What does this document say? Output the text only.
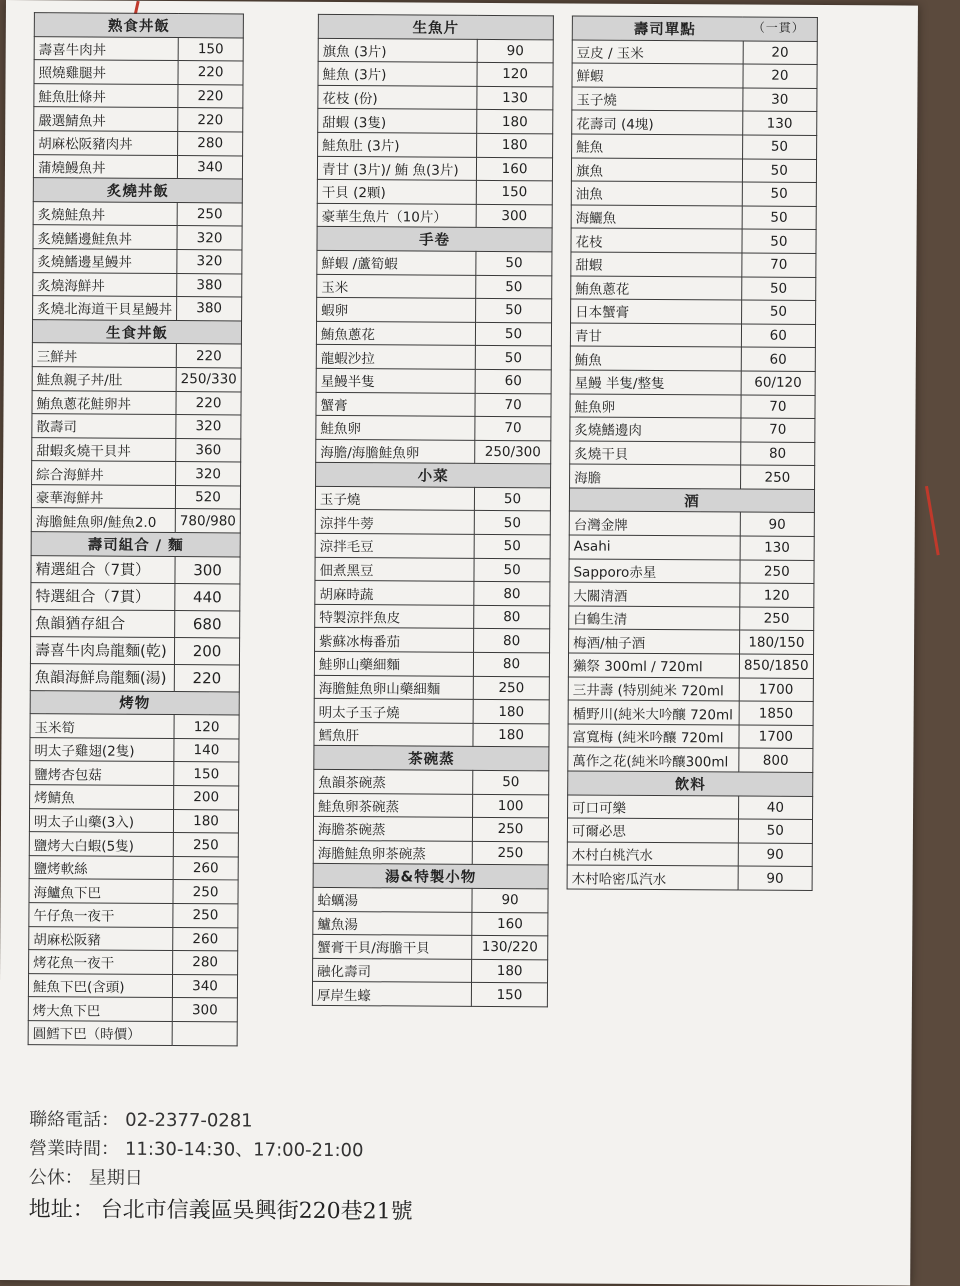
熟食丼飯	
壽喜牛肉丼	150
照燒雞腿丼	220
鮭魚肚條丼	220
嚴選鯖魚丼	220
胡麻松阪豬肉丼	280
蒲燒鰻魚丼	340
炙燒丼飯	
炙燒鮭魚丼	250
炙燒鰭邊鮭魚丼	320
炙燒鰭邊星鰻丼	320
炙燒海鮮丼	380
炙燒北海道干貝星鰻丼	380
生食丼飯	
三鮮丼	220
鮭魚親子丼/肚	250/330
鮪魚蔥花鮭卵丼	220
散壽司	320
甜蝦炙燒干貝丼	360
綜合海鮮丼	320
豪華海鮮丼	520
海膽鮭魚卵/鮭魚2.0	780/980
壽司組合 / 麵	
精選組合（7貫）	300
特選組合（7貫）	440
魚韻猶存組合	680
壽喜牛肉烏龍麵(乾)	200
魚韻海鮮烏龍麵(湯)	220
烤物	
玉米筍	120
明太子雞翅(2隻)	140
鹽烤杏包菇	150
烤鯖魚	200
明太子山藥(3入)	180
鹽烤大白蝦(5隻)	250
鹽烤軟絲	260
海鱸魚下巴	250
午仔魚一夜干	250
胡麻松阪豬	260
烤花魚一夜干	280
鮭魚下巴(含頭)	340
烤大魚下巴	300
圓鱈下巴（時價）	
生魚片	
旗魚 (3片)	90
鮭魚 (3片)	120
花枝 (份)	130
甜蝦 (3隻)	180
鮭魚肚 (3片)	180
青甘 (3片)/ 鮪 魚(3片)	160
干貝 (2顆)	150
豪華生魚片（10片）	300
手卷	
鮮蝦 /蘆筍蝦	50
玉米	50
蝦卵	50
鮪魚蔥花	50
龍蝦沙拉	50
星鰻半隻	60
蟹膏	70
鮭魚卵	70
海膽/海膽鮭魚卵	250/300
小菜	
玉子燒	50
涼拌牛蒡	50
涼拌毛豆	50
佃煮黑豆	50
胡麻時蔬	80
特製涼拌魚皮	80
紫蘇冰梅番茄	80
鮭卵山藥細麵	80
海膽鮭魚卵山藥細麵	250
明太子玉子燒	180
鱈魚肝	180
茶碗蒸	
魚韻茶碗蒸	50
鮭魚卵茶碗蒸	100
海膽茶碗蒸	250
海膽鮭魚卵茶碗蒸	250
湯&特製小物	
蛤蠣湯	90
鱸魚湯	160
蟹膏干貝/海膽干貝	130/220
融化壽司	180
厚岸生蠔	150
壽司單點 （一貫）	

豆皮 / 玉米	20
鮮蝦	20
玉子燒	30
花壽司 (4塊)	130
鮭魚	50
旗魚	50
油魚	50
海鱺魚	50
花枝	50
甜蝦	70
鮪魚蔥花	50
日本蟹膏	50
青甘	60
鮪魚	60
星鰻 半隻/整隻	60/120
鮭魚卵	70
炙燒鰭邊肉	70
炙燒干貝	80
海膽	250
酒	
台灣金牌	90
Asahi	130
Sapporo赤星	250
大關清酒	120
白鶴生清	250
梅酒/柚子酒	180/150
獺祭 300ml / 720ml	850/1850
三井壽 (特別純米 720ml	1700
楯野川(純米大吟釀 720ml	1850
富寬梅 (純米吟釀 720ml	1700
萬作之花(純米吟釀300ml	800
飲料	
可口可樂	40
可爾必思	50
木村白桃汽水	90
木村哈密瓜汽水	90
聯絡電話： 02-2377-0281
營業時間： 11:30-14:30、17:00-21:00
公休： 星期日
地址： 台北市信義區吳興街220巷21號
